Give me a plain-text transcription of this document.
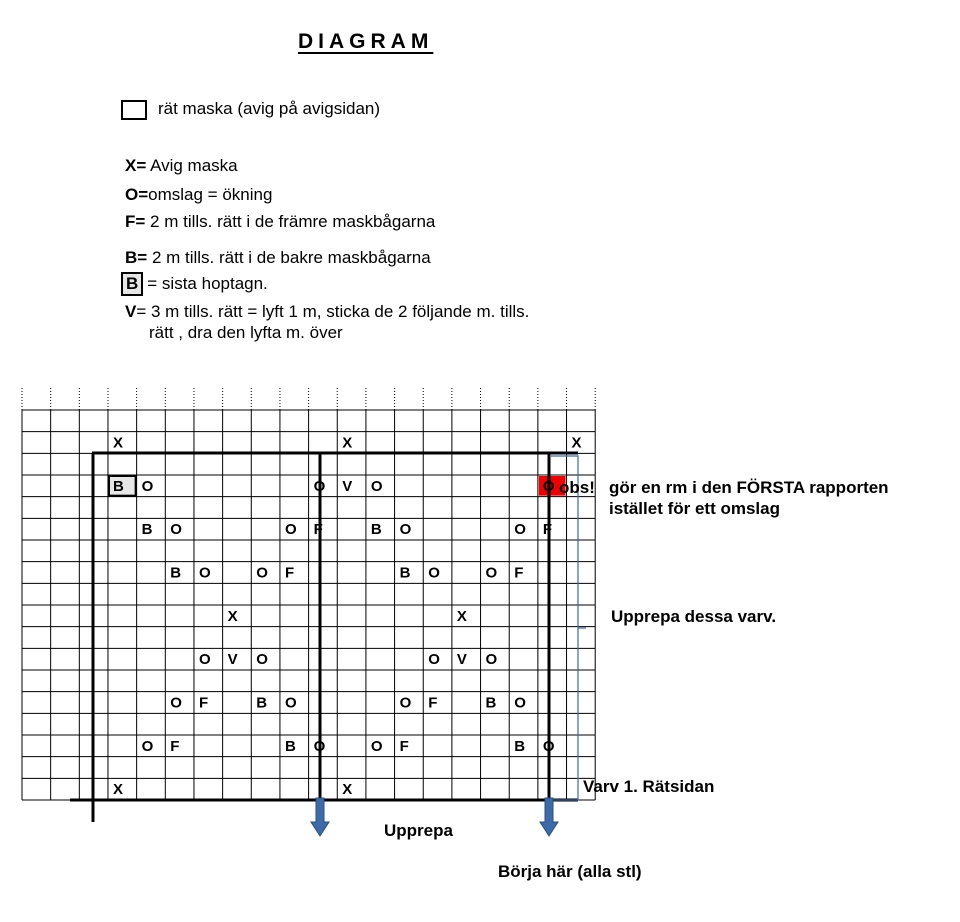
DIAGRAM
rät maska (avig på avigsidan)
X= Avig maska
O=omslag = ökning
F= 2 m tills. rätt i de främre maskbågarna
B= 2 m tills. rätt i de bakre maskbågarna
B = sista hoptagn.
V= 3 m tills. rätt = lyft 1 m, sticka de 2 följande m. tills.
rätt , dra den lyfta m. över
X	X	X
B O	O V O	O
B O	O F	B O	O F
B O	O F	B O	O F
X	X
O V O	O V O
O F	B O	O F	B O
O F	B O	O F	B O
X	X
obs! gör en rm i den FÖRSTA rapporten
istället för ett omslag
Upprepa dessa varv.
Varv 1. Rätsidan
Upprepa
Börja här (alla stl)
